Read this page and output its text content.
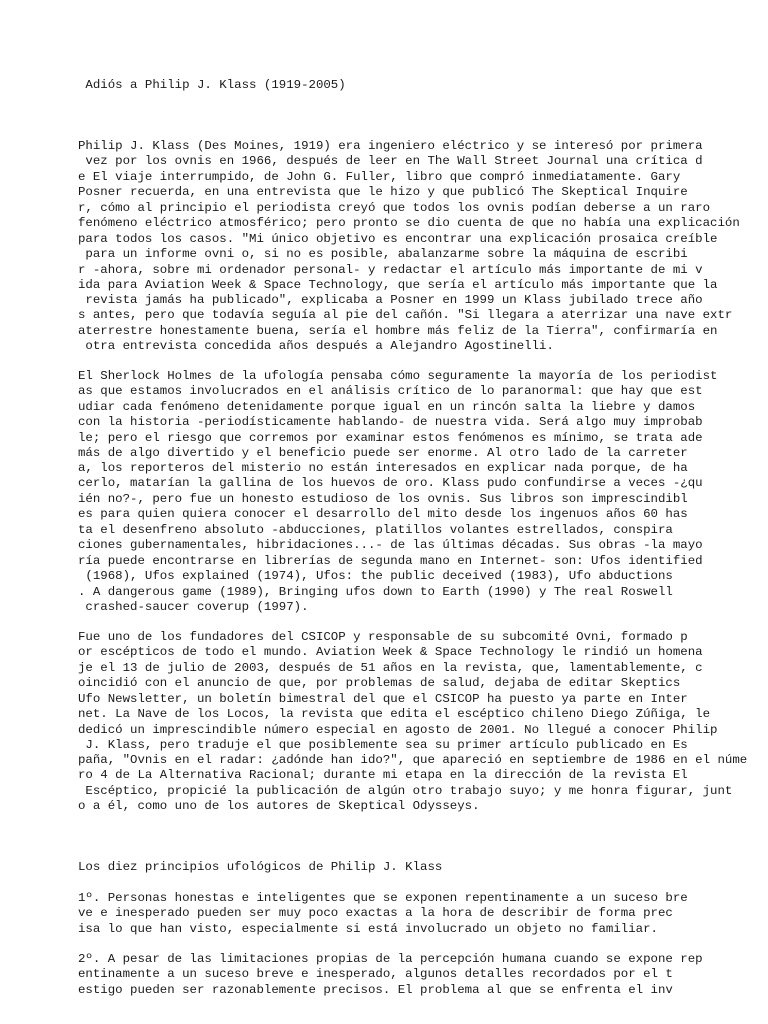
Adiós a Philip J. Klass (1919-2005)

Philip J. Klass (Des Moines, 1919) era ingeniero eléctrico y se interesó por primera

vez por los ovnis en 1966, después de leer en The Wall Street Journal una crítica d

e El viaje interrumpido, de John G. Fuller, libro que compró inmediatamente. Gary

Posner recuerda, en una entrevista que le hizo y que publicó The Skeptical Inquire

r, cómo al principio el periodista creyó que todos los ovnis podían deberse a un raro

fenómeno eléctrico atmosférico; pero pronto se dio cuenta de que no había una explicación

para todos los casos. "Mi único objetivo es encontrar una explicación prosaica creíble

para un informe ovni o, si no es posible, abalanzarme sobre la máquina de escribi

r -ahora, sobre mi ordenador personal- y redactar el artículo más importante de mi v

ida para Aviation Week & Space Technology, que sería el artículo más importante que la

revista jamás ha publicado", explicaba a Posner en 1999 un Klass jubilado trece año

s antes, pero que todavía seguía al pie del cañón. "Si llegara a aterrizar una nave extr

aterrestre honestamente buena, sería el hombre más feliz de la Tierra", confirmaría en

otra entrevista concedida años después a Alejandro Agostinelli.

El Sherlock Holmes de la ufología pensaba cómo seguramente la mayoría de los periodist

as que estamos involucrados en el análisis crítico de lo paranormal: que hay que est

udiar cada fenómeno detenidamente porque igual en un rincón salta la liebre y damos

con la historia -periodísticamente hablando- de nuestra vida. Será algo muy improbab

le; pero el riesgo que corremos por examinar estos fenómenos es mínimo, se trata ade

más de algo divertido y el beneficio puede ser enorme. Al otro lado de la carreter

a, los reporteros del misterio no están interesados en explicar nada porque, de ha

cerlo, matarían la gallina de los huevos de oro. Klass pudo confundirse a veces -¿qu

ién no?-, pero fue un honesto estudioso de los ovnis. Sus libros son imprescindibl

es para quien quiera conocer el desarrollo del mito desde los ingenuos años 60 has

ta el desenfreno absoluto -abducciones, platillos volantes estrellados, conspira

ciones gubernamentales, hibridaciones...- de las últimas décadas. Sus obras -la mayo

ría puede encontrarse en librerías de segunda mano en Internet- son: Ufos identified

(1968), Ufos explained (1974), Ufos: the public deceived (1983), Ufo abductions

. A dangerous game (1989), Bringing ufos down to Earth (1990) y The real Roswell

crashed-saucer coverup (1997).

Fue uno de los fundadores del CSICOP y responsable de su subcomité Ovni, formado p

or escépticos de todo el mundo. Aviation Week & Space Technology le rindió un homena

je el 13 de julio de 2003, después de 51 años en la revista, que, lamentablemente, c

oincidió con el anuncio de que, por problemas de salud, dejaba de editar Skeptics

Ufo Newsletter, un boletín bimestral del que el CSICOP ha puesto ya parte en Inter

net. La Nave de los Locos, la revista que edita el escéptico chileno Diego Zúñiga, le

dedicó un imprescindible número especial en agosto de 2001. No llegué a conocer Philip

J. Klass, pero traduje el que posiblemente sea su primer artículo publicado en Es

paña, "Ovnis en el radar: ¿adónde han ido?", que apareció en septiembre de 1986 en el núme

ro 4 de La Alternativa Racional; durante mi etapa en la dirección de la revista El

Escéptico, propicié la publicación de algún otro trabajo suyo; y me honra figurar, junt

o a él, como uno de los autores de Skeptical Odysseys.

Los diez principios ufológicos de Philip J. Klass

1º. Personas honestas e inteligentes que se exponen repentinamente a un suceso bre

ve e inesperado pueden ser muy poco exactas a la hora de describir de forma prec

isa lo que han visto, especialmente si está involucrado un objeto no familiar.

2º. A pesar de las limitaciones propias de la percepción humana cuando se expone rep

entinamente a un suceso breve e inesperado, algunos detalles recordados por el t

estigo pueden ser razonablemente precisos. El problema al que se enfrenta el inv
